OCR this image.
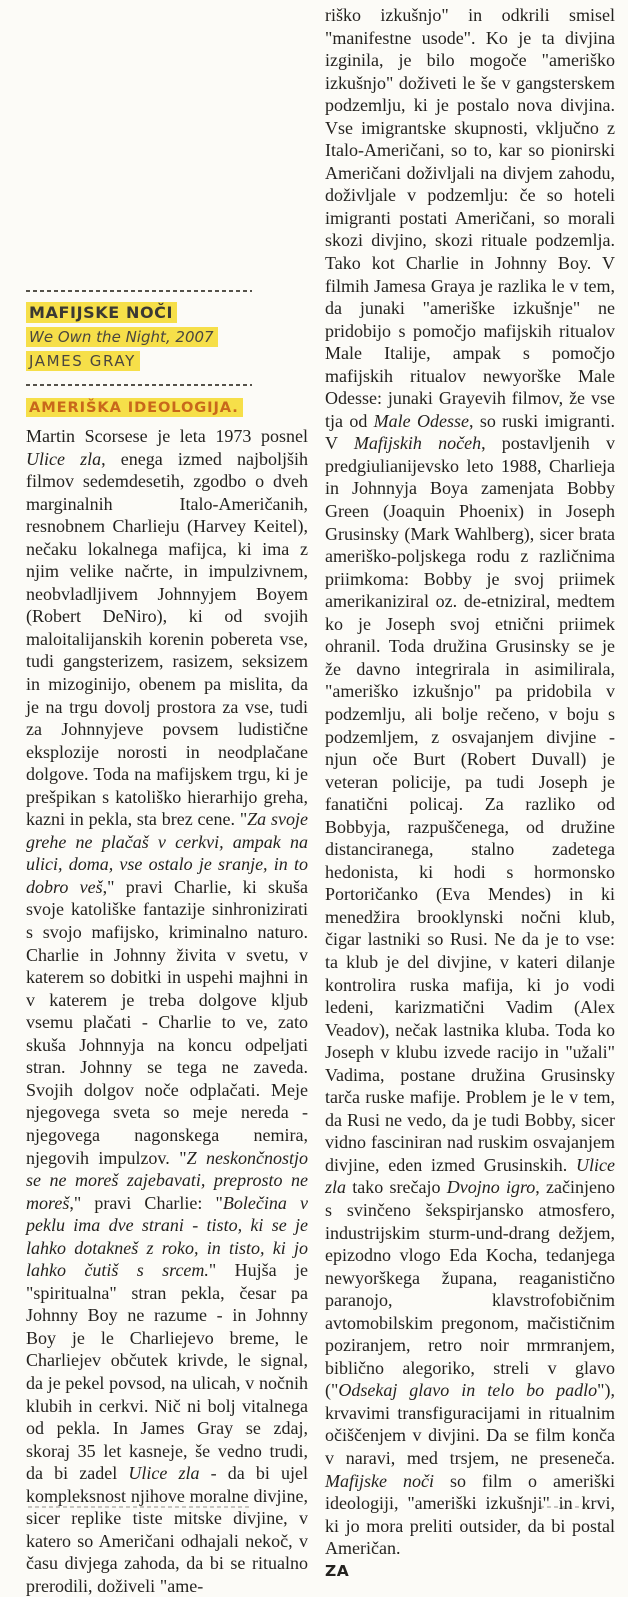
MAFIJSKE NOČI
We Own the Night, 2007
JAMES GRAY
AMERIŠKA IDEOLOGIJA.

Martin Scorsese je leta 1973 posnel Ulice zla, enega izmed najboljših filmov sedemdesetih, zgodbo o dveh marginalnih Italo-Američanih, resnobnem Charlieju (Harvey Keitel), nečaku lokalnega mafijca, ki ima z njim velike načrte, in impulzivnem, neobvladljivem Johnnyjem Boyem (Robert DeNiro), ki od svojih maloitalijanskih korenin pobereta vse, tudi gangsterizem, rasizem, seksizem in mizoginijo, obenem pa mislita, da je na trgu dovolj prostora za vse, tudi za Johnnyjeve povsem ludistične eksplozije norosti in neodplačane dolgove. Toda na mafijskem trgu, ki je prešpikan s katoliško hierarhijo greha, kazni in pekla, sta brez cene. "Za svoje grehe ne plačaš v cerkvi, ampak na ulici, doma, vse ostalo je sranje, in to dobro veš," pravi Charlie, ki skuša svoje katoliške fantazije sinhronizirati s svojo mafijsko, kriminalno naturo. Charlie in Johnny živita v svetu, v katerem so dobitki in uspehi majhni in v katerem je treba dolgove kljub vsemu plačati - Charlie to ve, zato skuša Johnnyja na koncu odpeljati stran. Johnny se tega ne zaveda. Svojih dolgov noče odplačati. Meje njegovega sveta so meje nereda - njegovega nagonskega nemira, njegovih impulzov. "Z neskončnostjo se ne moreš zajebavati, preprosto ne moreš," pravi Charlie: "Bolečina v peklu ima dve strani - tisto, ki se je lahko dotakneš z roko, in tisto, ki jo lahko čutiš s srcem." Hujša je "spiritualna" stran pekla, česar pa Johnny Boy ne razume - in Johnny Boy je le Charliejevo breme, le Charliejev občutek krivde, le signal, da je pekel povsod, na ulicah, v nočnih klubih in cerkvi. Nič ni bolj vitalnega od pekla. In James Gray se zdaj, skoraj 35 let kasneje, še vedno trudi, da bi zadel Ulice zla - da bi ujel kompleksnost njihove moralne divjine, sicer replike tiste mitske divjine, v katero so Američani odhajali nekoč, v času divjega zahoda, da bi se ritualno prerodili, doživeli "ame-

riško izkušnjo" in odkrili smisel "manifestne usode". Ko je ta divjina izginila, je bilo mogoče "ameriško izkušnjo" doživeti le še v gangsterskem podzemlju, ki je postalo nova divjina. Vse imigrantske skupnosti, vključno z Italo-Američani, so to, kar so pionirski Američani doživljali na divjem zahodu, doživljale v podzemlju: če so hoteli imigranti postati Američani, so morali skozi divjino, skozi rituale podzemlja. Tako kot Charlie in Johnny Boy. V filmih Jamesa Graya je razlika le v tem, da junaki "ameriške izkušnje" ne pridobijo s pomočjo mafijskih ritualov Male Italije, ampak s pomočjo mafijskih ritualov newyorške Male Odesse: junaki Grayevih filmov, že vse tja od Male Odesse, so ruski imigranti. V Mafijskih nočeh, postavljenih v predgiulianijevsko leto 1988, Charlieja in Johnnyja Boya zamenjata Bobby Green (Joaquin Phoenix) in Joseph Grusinsky (Mark Wahlberg), sicer brata ameriško-poljskega rodu z različnima priimkoma: Bobby je svoj priimek amerikaniziral oz. de-etniziral, medtem ko je Joseph svoj etnični priimek ohranil. Toda družina Grusinsky se je že davno integrirala in asimilirala, "ameriško izkušnjo" pa pridobila v podzemlju, ali bolje rečeno, v boju s podzemljem, z osvajanjem divjine - njun oče Burt (Robert Duvall) je veteran policije, pa tudi Joseph je fanatični policaj. Za razliko od Bobbyja, razpuščenega, od družine distanciranega, stalno zadetega hedonista, ki hodi s hormonsko Portoričanko (Eva Mendes) in ki menedžira brooklynski nočni klub, čigar lastniki so Rusi. Ne da je to vse: ta klub je del divjine, v kateri dilanje kontrolira ruska mafija, ki jo vodi ledeni, karizmatični Vadim (Alex Veadov), nečak lastnika kluba. Toda ko Joseph v klubu izvede racijo in "užali" Vadima, postane družina Grusinsky tarča ruske mafije. Problem je le v tem, da Rusi ne vedo, da je tudi Bobby, sicer vidno fasciniran nad ruskim osvajanjem divjine, eden izmed Grusinskih. Ulice zla tako srečajo Dvojno igro, začinjeno s svinčeno šekspirjansko atmosfero, industrijskim sturm-und-drang dežjem, epizodno vlogo Eda Kocha, tedanjega newyorškega župana, reaganistično paranojo, klavstrofobičnim avtomobilskim pregonom, mačističnim poziranjem, retro noir mrmranjem, biblično alegoriko, streli v glavo ("Odsekaj glavo in telo bo padlo"), krvavimi transfiguracijami in ritualnim očiščenjem v divjini. Da se film konča v naravi, med trsjem, ne preseneča. Mafijske noči so film o ameriški ideologiji, "ameriški izkušnji" in krvi, ki jo mora preliti outsider, da bi postal Američan.

ZA
